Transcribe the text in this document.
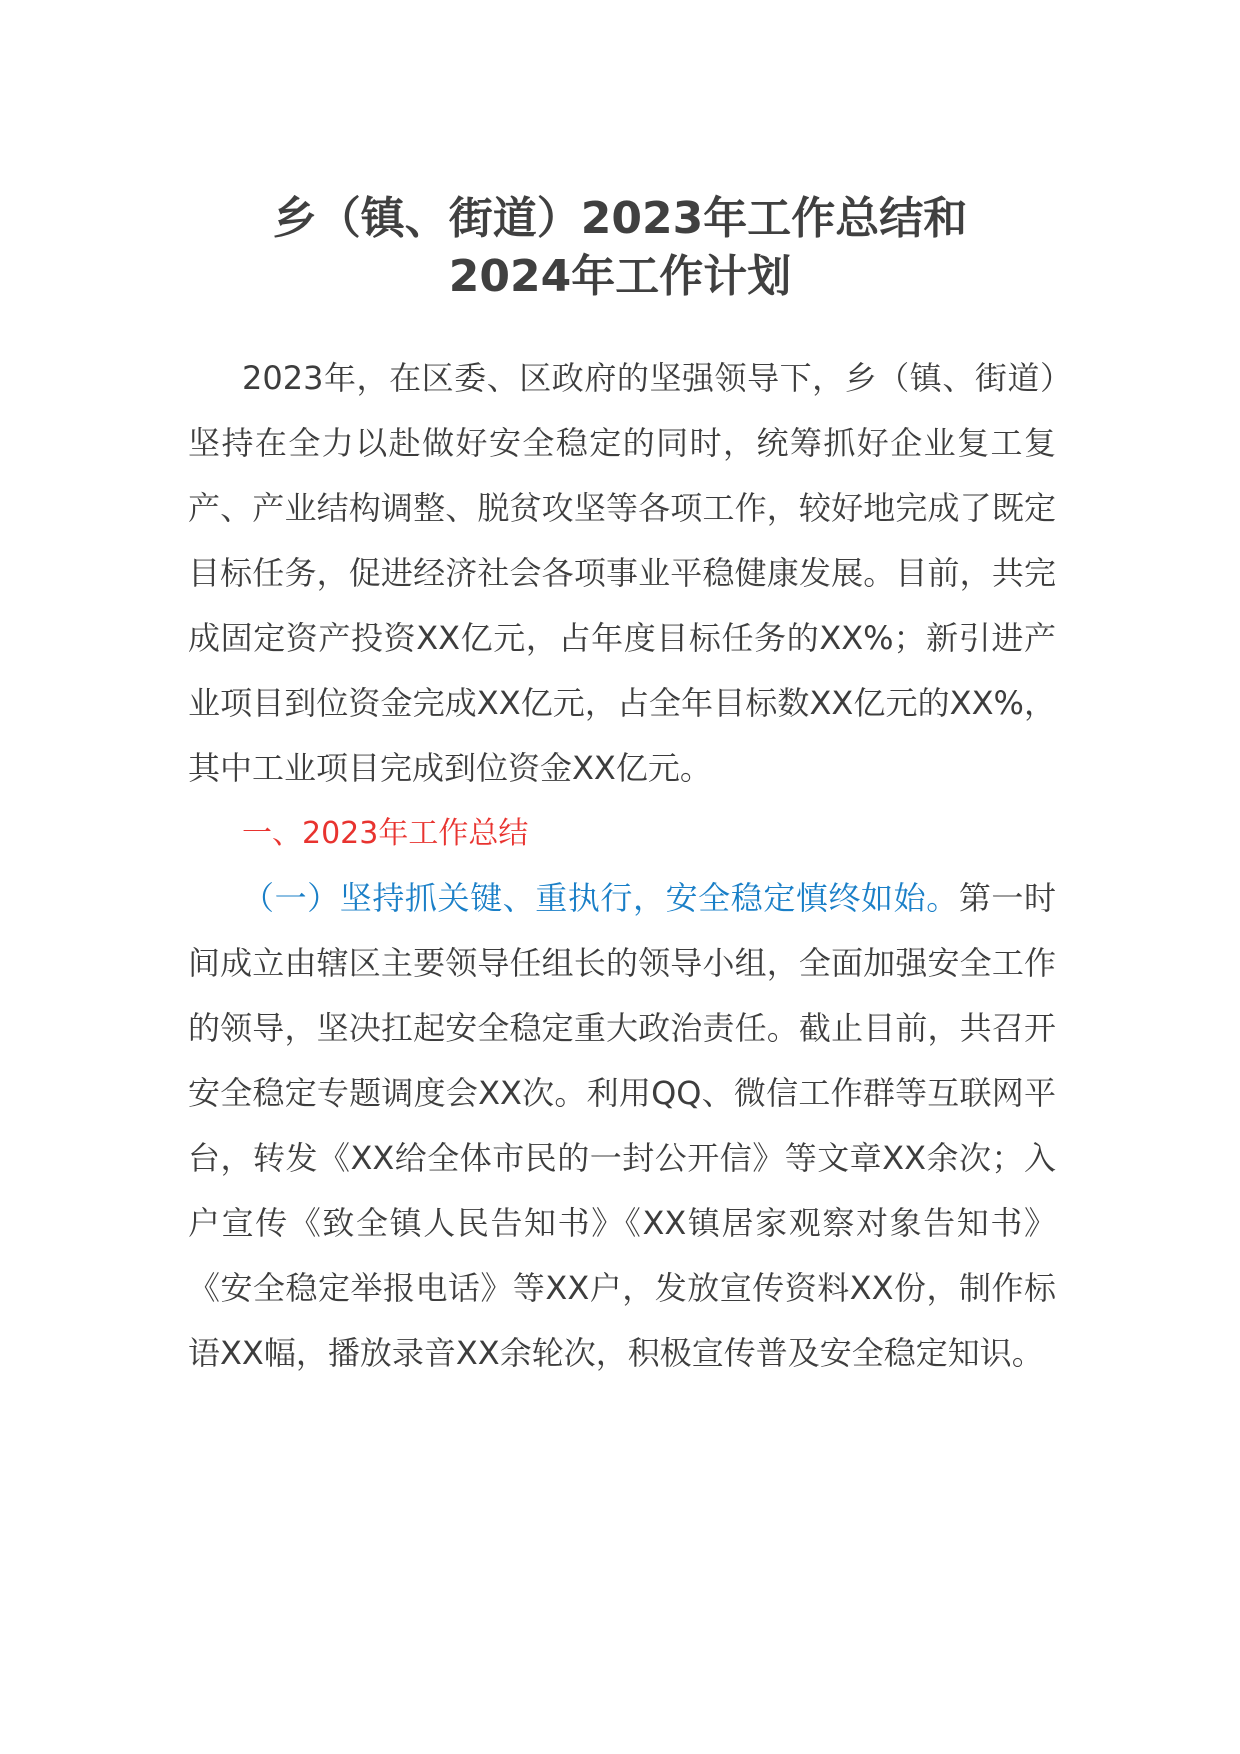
乡（镇、街道）2023年工作总结和
2024年工作计划

2023年，在区委、区政府的坚强领导下，乡（镇、街道）坚持在全力以赴做好安全稳定的同时，统筹抓好企业复工复产、产业结构调整、脱贫攻坚等各项工作，较好地完成了既定目标任务，促进经济社会各项事业平稳健康发展。目前，共完成固定资产投资XX亿元，占年度目标任务的XX%；新引进产业项目到位资金完成XX亿元，占全年目标数XX亿元的XX%，其中工业项目完成到位资金XX亿元。

一、2023年工作总结

（一）坚持抓关键、重执行，安全稳定慎终如始。第一时间成立由辖区主要领导任组长的领导小组，全面加强安全工作的领导，坚决扛起安全稳定重大政治责任。截止目前，共召开安全稳定专题调度会XX次。利用QQ、微信工作群等互联网平台，转发《XX给全体市民的一封公开信》等文章XX余次；入户宣传《致全镇人民告知书》《XX镇居家观察对象告知书》《安全稳定举报电话》等XX户，发放宣传资料XX份，制作标语XX幅，播放录音XX余轮次，积极宣传普及安全稳定知识。
